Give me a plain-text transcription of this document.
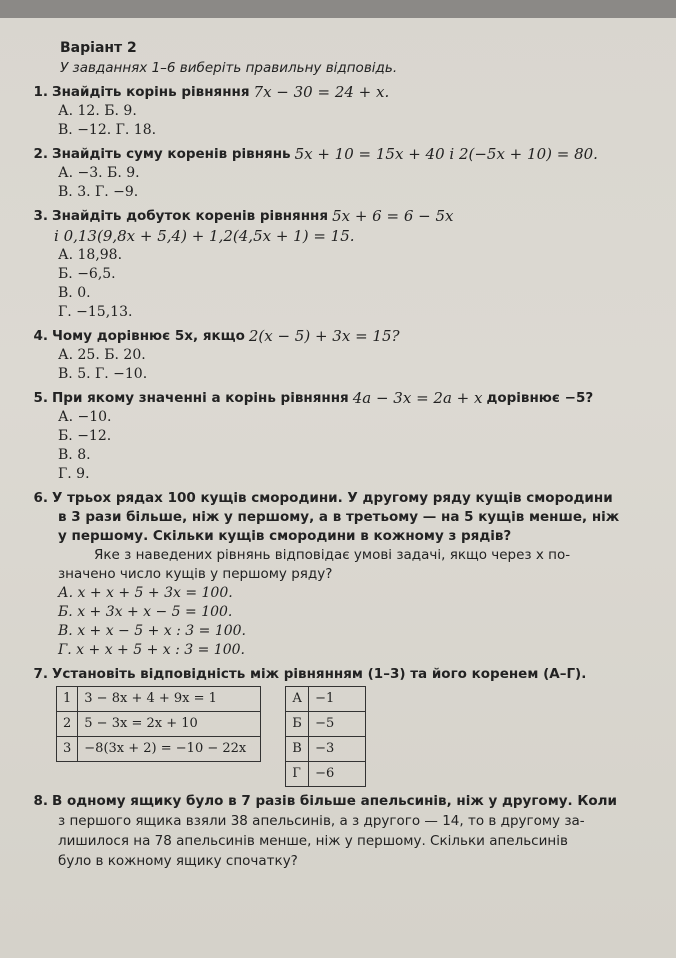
Варіант 2
У завданнях 1–6 виберіть правильну відповідь.
1. Знайдіть корінь рівняння 7x − 30 = 24 + x.
А. 12. Б. 9.
В. −12. Г. 18.
2. Знайдіть суму коренів рівнянь 5x + 10 = 15x + 40 і 2(−5x + 10) = 80.
А. −3. Б. 9.
В. 3. Г. −9.
3. Знайдіть добуток коренів рівняння 5x + 6 = 6 − 5x
і 0,13(9,8x + 5,4) + 1,2(4,5x + 1) = 15.
А. 18,98.
Б. −6,5.
В. 0.
Г. −15,13.
4. Чому дорівнює 5x, якщо 2(x − 5) + 3x = 15?
А. 25. Б. 20.
В. 5. Г. −10.
5. При якому значенні a корінь рівняння 4a − 3x = 2a + x дорівнює −5?
А. −10.
Б. −12.
В. 8.
Г. 9.
6. У трьох рядах 100 кущів смородини. У другому ряду кущів смородини
в 3 рази більше, ніж у першому, а в третьому — на 5 кущів менше, ніж
у першому. Скільки кущів смородини в кожному з рядів?
Яке з наведених рівнянь відповідає умові задачі, якщо через x по-
значено число кущів у першому ряду?
А. x + x + 5 + 3x = 100.
Б. x + 3x + x − 5 = 100.
В. x + x − 5 + x : 3 = 100.
Г. x + x + 5 + x : 3 = 100.
7. Установіть відповідність між рівнянням (1–3) та його коренем (А–Г).
1	3 − 8x + 4 + 9x = 1		А	−1
2	5 − 3x = 2x + 10		Б	−5
3	−8(3x + 2) = −10 − 22x		В	−3
			Г	−6
8. В одному ящику було в 7 разів більше апельсинів, ніж у другому. Коли
з першого ящика взяли 38 апельсинів, а з другого — 14, то в другому за-
лишилося на 78 апельсинів менше, ніж у першому. Скільки апельсинів
було в кожному ящику спочатку?
